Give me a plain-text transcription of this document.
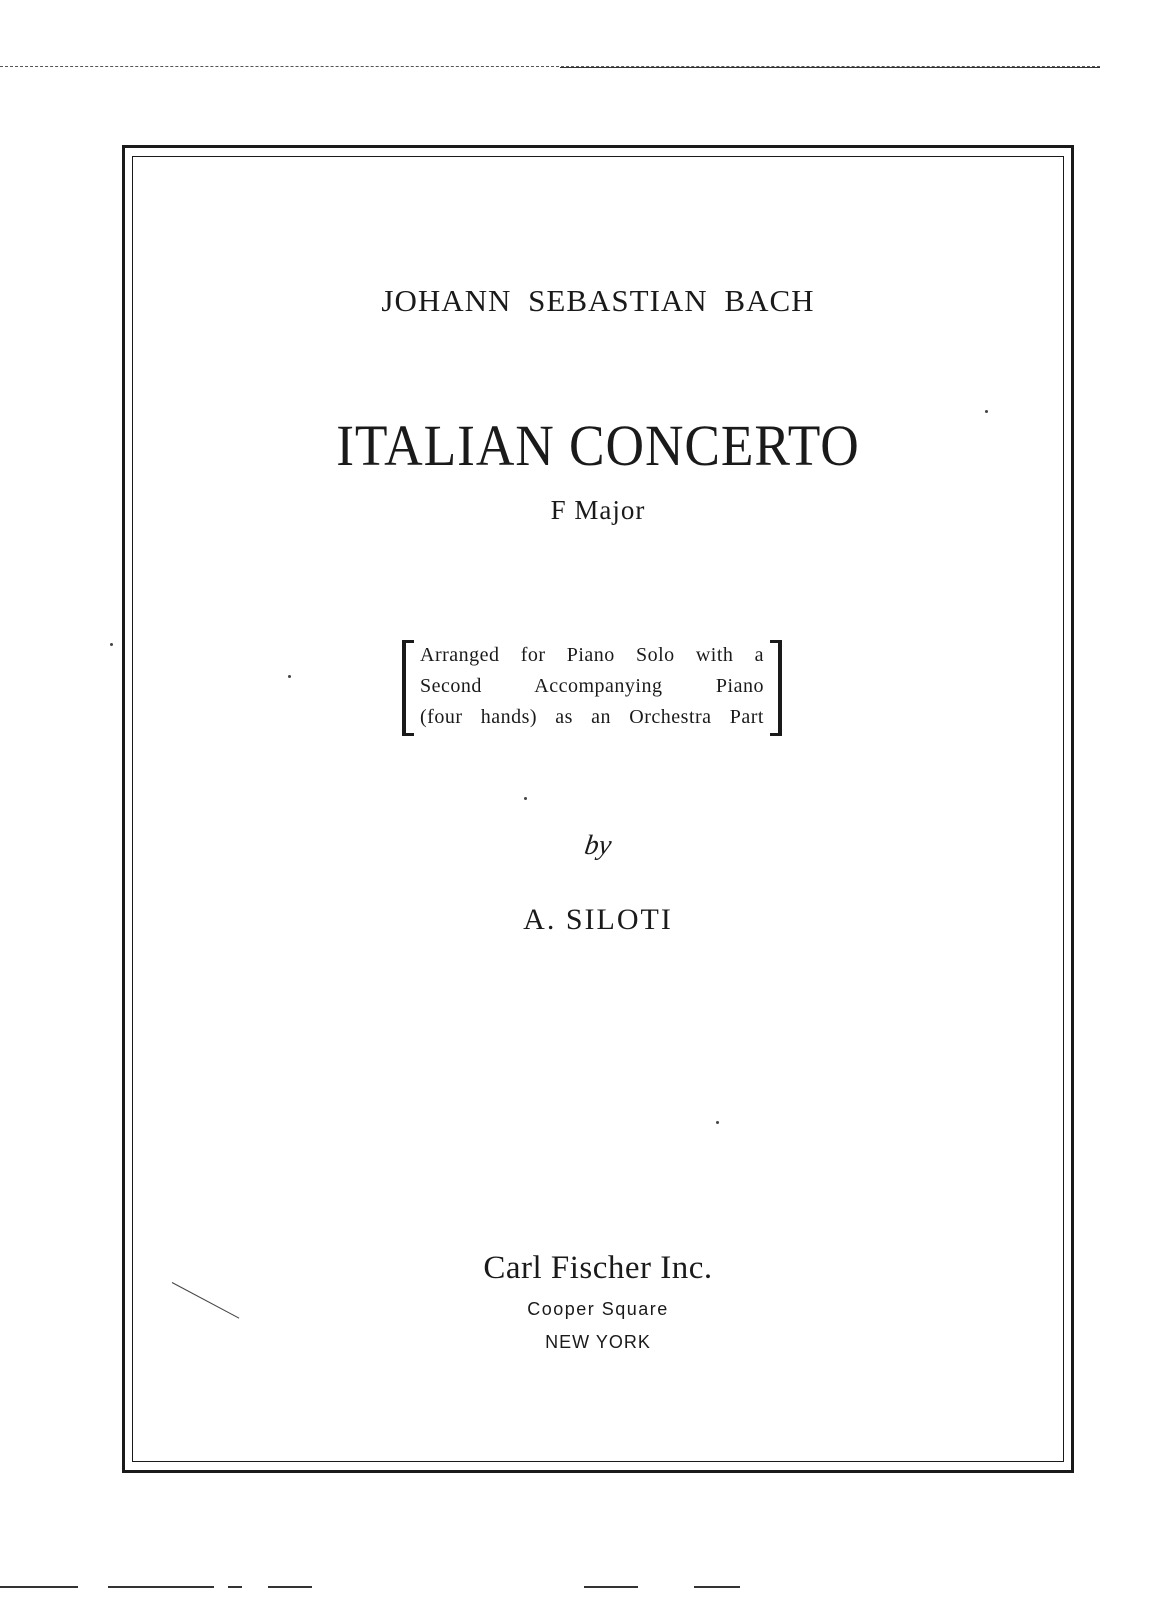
JOHANN SEBASTIAN BACH
ITALIAN CONCERTO
F Major
Arranged for Piano Solo with a
Second Accompanying Piano
(four hands) as an Orchestra Part
by
A. SILOTI
Carl Fischer Inc.
Cooper Square
NEW YORK
